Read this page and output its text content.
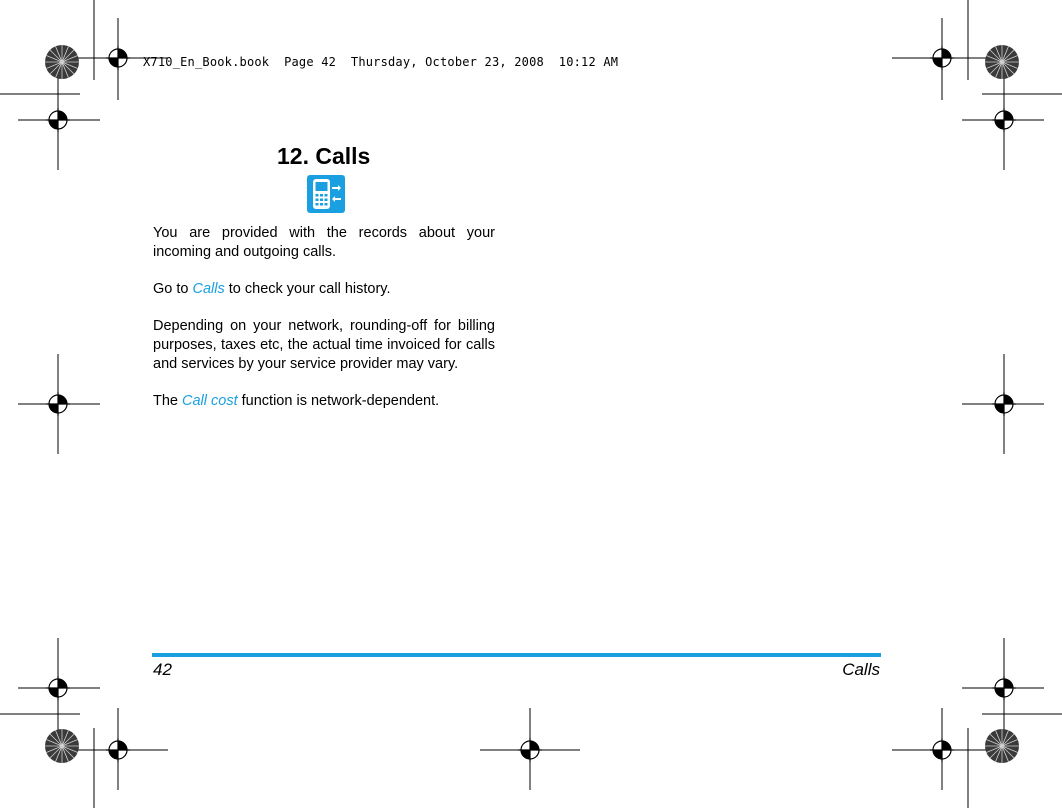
X710_En_Book.book  Page 42  Thursday, October 23, 2008  10:12 AM
12. Calls

You are provided with the records about your incoming and outgoing calls.

Go to Calls to check your call history.

Depending on your network, rounding-off for billing purposes, taxes etc, the actual time invoiced for calls and services by your service provider may vary.

The Call cost function is network-dependent.

42	Calls
